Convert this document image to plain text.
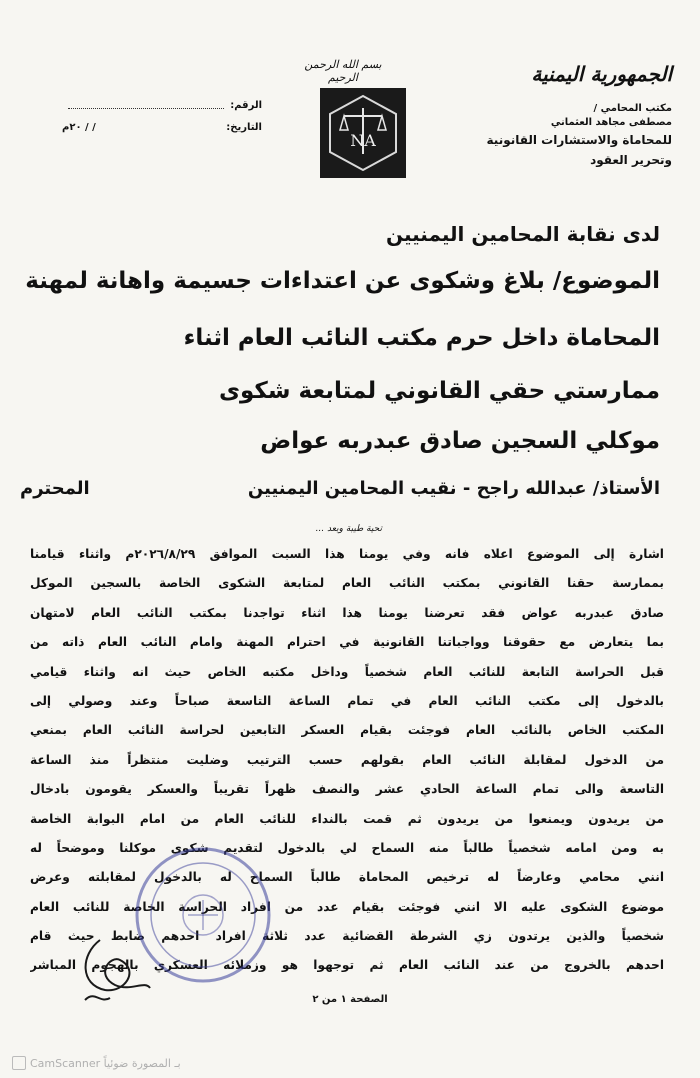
الجمهورية اليمنية
مكتب المحامي /
مصطفى مجاهد العثماني
للمحاماة والاستشارات القانونية
وتحرير العقود
بسم الله الرحمن الرحيم
NA
الرقم:
التاريخ:
/ / ٢٠م
لدى نقابة المحامين اليمنيين
الموضوع/ بلاغ وشكوى عن اعتداءات جسيمة واهانة لمهنة
المحاماة داخل حرم مكتب النائب العام اثناء
ممارستي حقي القانوني لمتابعة شكوى
موكلي السجين صادق عبدربه عواض
الأستاذ/ عبدالله راجح - نقيب المحامين اليمنيين
المحترم
تحية طيبة وبعد ...

اشارة إلى الموضوع اعلاه فانه وفي يومنا هذا السبت الموافق ٢٠٢٦/٨/٢٩م واثناء قيامنا

بممارسة حقنا القانوني بمكتب النائب العام لمتابعة الشكوى الخاصة بالسجين الموكل

صادق عبدربه عواض فقد تعرضنا يومنا هذا اثناء تواجدنا بمكتب النائب العام لامتهان

بما يتعارض مع حقوقنا وواجباتنا القانونية في احترام المهنة وامام النائب العام ذاته من

قبل الحراسة التابعة للنائب العام شخصياً وداخل مكتبه الخاص حيث انه واثناء قيامي

بالدخول إلى مكتب النائب العام في تمام الساعة التاسعة صباحاً وعند وصولي إلى

المكتب الخاص بالنائب العام فوجئت بقيام العسكر التابعين لحراسة النائب العام بمنعي

من الدخول لمقابلة النائب العام بقولهم حسب الترتيب وضليت منتظراً منذ الساعة

التاسعة والى تمام الساعة الحادي عشر والنصف ظهراً تقريباً والعسكر يقومون بادخال

من يريدون ويمنعوا من يريدون ثم قمت بالنداء للنائب العام من امام البوابة الخاصة

به ومن امامه شخصياً طالباً منه السماح لي بالدخول لتقديم شكوى موكلنا وموضحاً له

انني محامي وعارضاً له ترخيص المحاماة طالباً السماح له بالدخول لمقابلته وعرض

موضوع الشكوى عليه الا انني فوجئت بقيام عدد من افراد الحراسة الخاصة للنائب العام

شخصياً والذين يرتدون زي الشرطة القضائية عدد ثلاثة افراد احدهم ضابط حيث قام

احدهم بالخروج من عند النائب العام ثم توجهوا هو وزملائه العسكري بالهجوم المباشر

الصفحة ١ من ٢
CamScanner بـ المصورة ضوئياً
